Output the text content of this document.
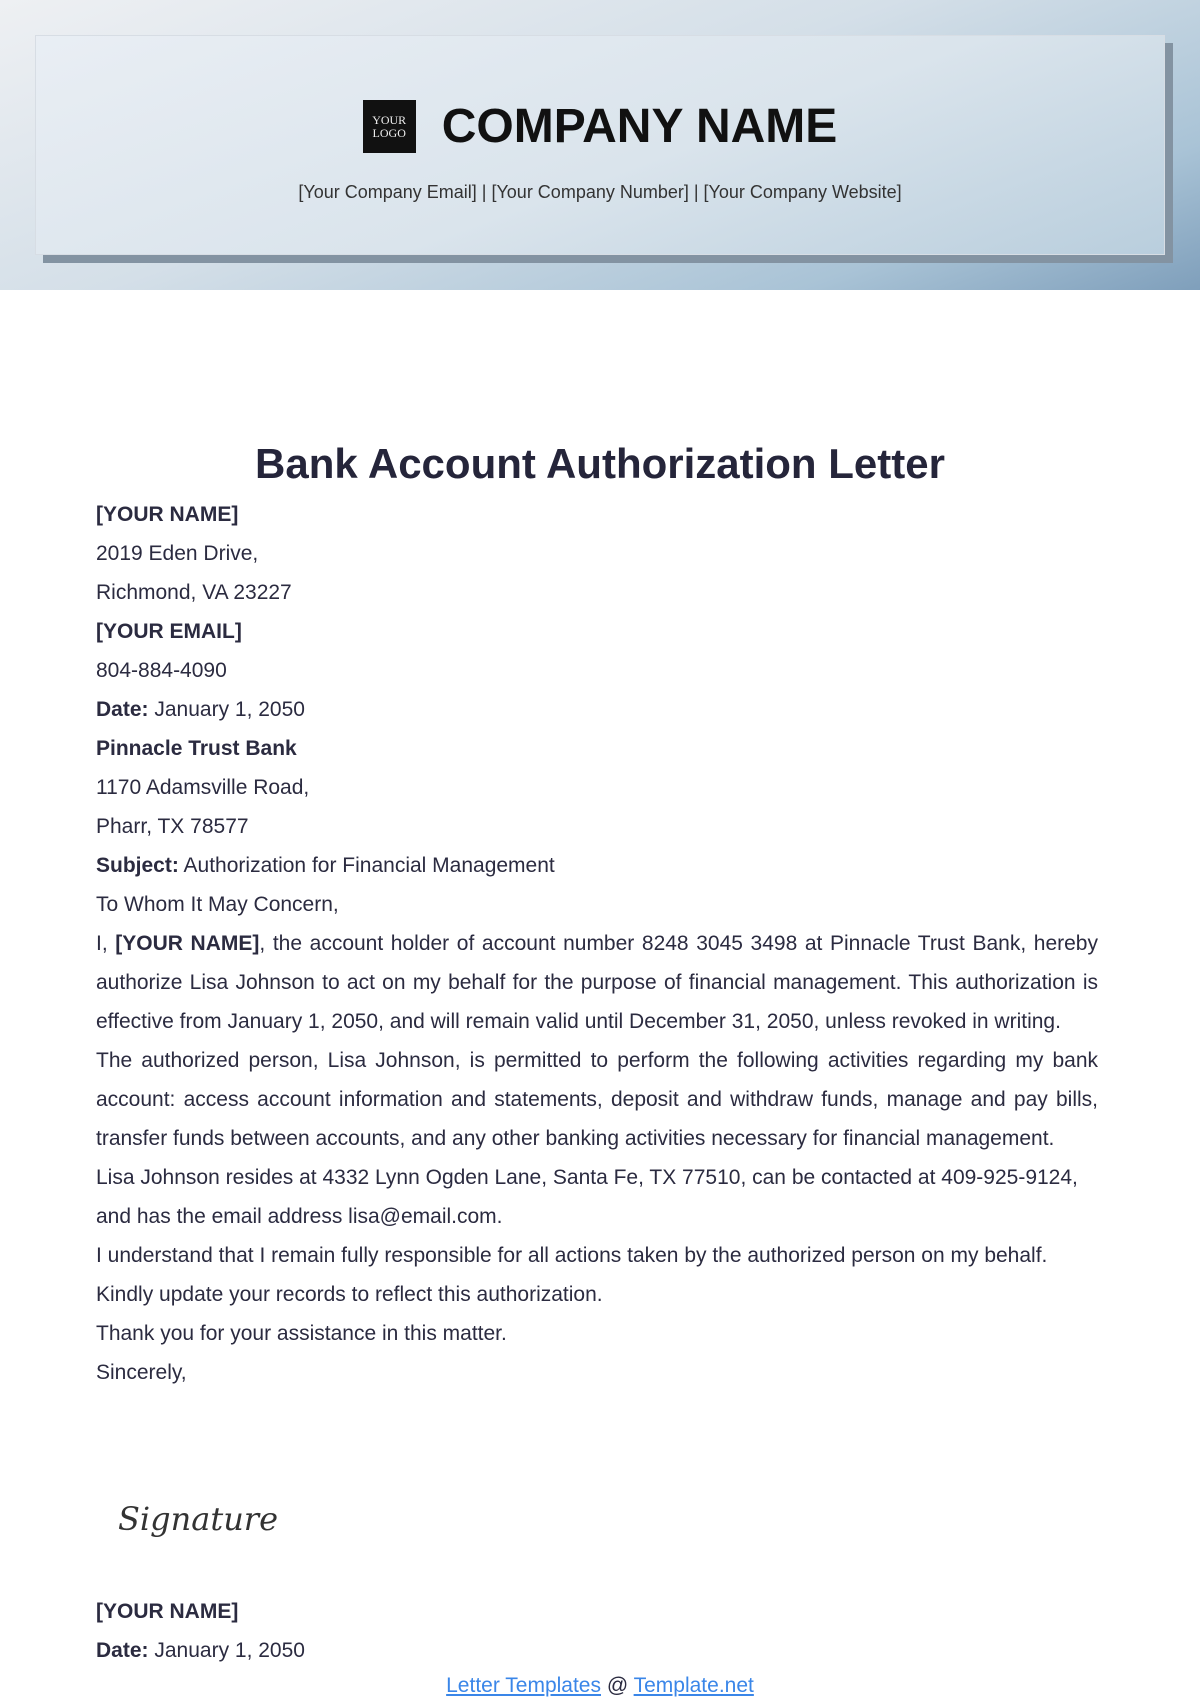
YOUR
LOGO COMPANY NAME
[Your Company Email] | [Your Company Number] | [Your Company Website]
Bank Account Authorization Letter

[YOUR NAME]

2019 Eden Drive,

Richmond, VA 23227

[YOUR EMAIL]

804-884-4090

Date: January 1, 2050

Pinnacle Trust Bank

1170 Adamsville Road,

Pharr, TX 78577

Subject: Authorization for Financial Management

To Whom It May Concern,

I, [YOUR NAME], the account holder of account number 8248 3045 3498 at Pinnacle Trust Bank, hereby authorize Lisa Johnson to act on my behalf for the purpose of financial management. This authorization is effective from January 1, 2050, and will remain valid until December 31, 2050, unless revoked in writing.

The authorized person, Lisa Johnson, is permitted to perform the following activities regarding my bank account: access account information and statements, deposit and withdraw funds, manage and pay bills, transfer funds between accounts, and any other banking activities necessary for financial management.

Lisa Johnson resides at 4332 Lynn Ogden Lane, Santa Fe, TX 77510, can be contacted at 409-925-9124, and has the email address lisa@email.com.

I understand that I remain fully responsible for all actions taken by the authorized person on my behalf. Kindly update your records to reflect this authorization.

Thank you for your assistance in this matter.

Sincerely,

Signature

[YOUR NAME]

Date: January 1, 2050

Letter Templates @ Template.net
